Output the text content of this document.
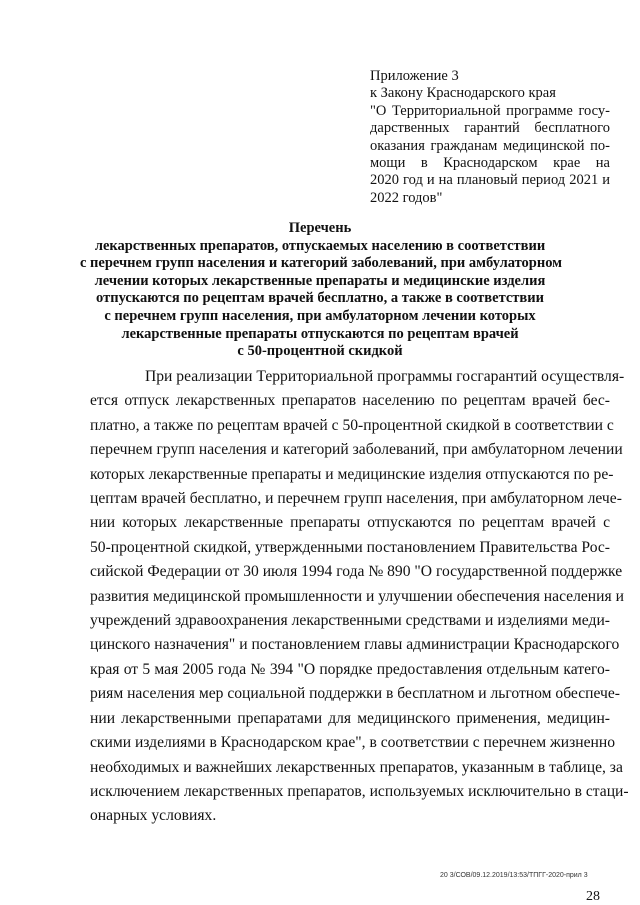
Приложение 3
к Закону Краснодарского края
"О Территориальной программе госу-
дарственных гарантий бесплатного
оказания гражданам медицинской по-
мощи в Краснодарском крае на
2020 год и на плановый период 2021 и
2022 годов"
Перечень
лекарственных препаратов, отпускаемых населению в соответствии
с перечнем групп населения и категорий заболеваний, при амбулаторном
лечении которых лекарственные препараты и медицинские изделия
отпускаются по рецептам врачей бесплатно, а также в соответствии
с перечнем групп населения, при амбулаторном лечении которых
лекарственные препараты отпускаются по рецептам врачей
с 50-процентной скидкой
При реализации Территориальной программы госгарантий осуществля-
ется отпуск лекарственных препаратов населению по рецептам врачей бес-
платно, а также по рецептам врачей с 50-процентной скидкой в соответствии с
перечнем групп населения и категорий заболеваний, при амбулаторном лечении
которых лекарственные препараты и медицинские изделия отпускаются по ре-
цептам врачей бесплатно, и перечнем групп населения, при амбулаторном лече-
нии которых лекарственные препараты отпускаются по рецептам врачей с
50-процентной скидкой, утвержденными постановлением Правительства Рос-
сийской Федерации от 30 июля 1994 года № 890 "О государственной поддержке
развития медицинской промышленности и улучшении обеспечения населения и
учреждений здравоохранения лекарственными средствами и изделиями меди-
цинского назначения" и постановлением главы администрации Краснодарского
края от 5 мая 2005 года № 394 "О порядке предоставления отдельным катего-
риям населения мер социальной поддержки в бесплатном и льготном обеспече-
нии лекарственными препаратами для медицинского применения, медицин-
скими изделиями в Краснодарском крае", в соответствии с перечнем жизненно
необходимых и важнейших лекарственных препаратов, указанным в таблице, за
исключением лекарственных препаратов, используемых исключительно в стаци-
онарных условиях.
20 3/СОВ/09.12.2019/13:53/ТПГГ-2020-прил 3
28
